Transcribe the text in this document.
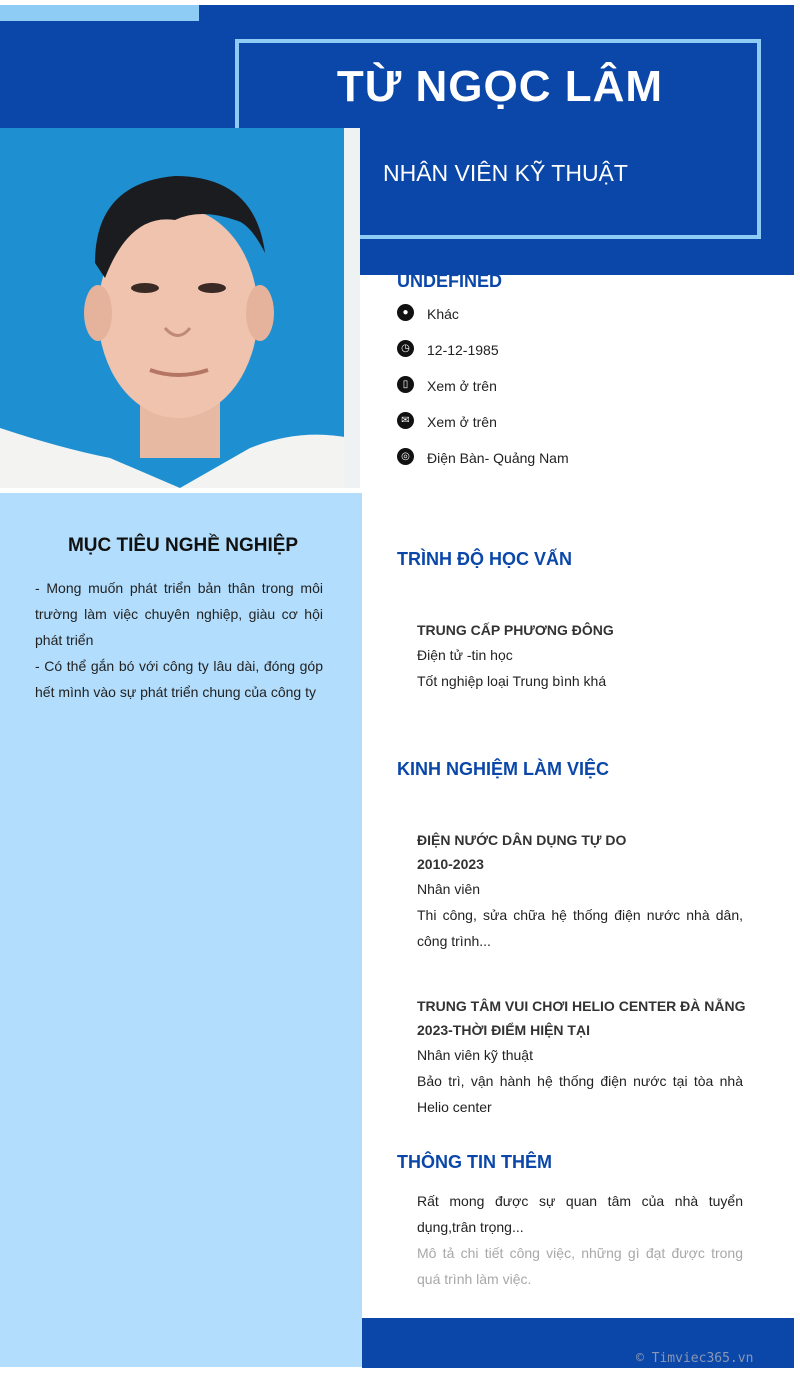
TỪ NGỌC LÂM
NHÂN VIÊN KỸ THUẬT
UNDEFINED
●	Khác
◷ 12-12-1985
▯	Xem ở trên
✉	Xem ở trên
◎ Điện Bàn- Quảng Nam
MỤC TIÊU NGHỀ NGHIỆP
- Mong muốn phát triển bản thân trong môi
trường làm việc chuyên nghiệp, giàu cơ hội
phát triển
- Có thể gắn bó với công ty lâu dài, đóng góp
hết mình vào sự phát triển chung của công ty
TRÌNH ĐỘ HỌC VẤN
TRUNG CẤP PHƯƠNG ĐÔNG
Điện tử -tin học
Tốt nghiệp loại Trung bình khá
KINH NGHIỆM LÀM VIỆC
ĐIỆN NƯỚC DÂN DỤNG TỰ DO
2010-2023
Nhân viên
Thi công, sửa chữa hệ thống điện nước nhà dân,
công trình...
TRUNG TÂM VUI CHƠI HELIO CENTER ĐÀ NẴNG
2023-THỜI ĐIỂM HIỆN TẠI
Nhân viên kỹ thuật
Bảo trì, vận hành hệ thống điện nước tại tòa nhà
Helio center
THÔNG TIN THÊM
Rất mong được sự quan tâm của nhà tuyển
dụng,trân trọng...
Mô tả chi tiết công việc, những gì đạt được trong
quá trình làm việc.
© Timviec365.vn
